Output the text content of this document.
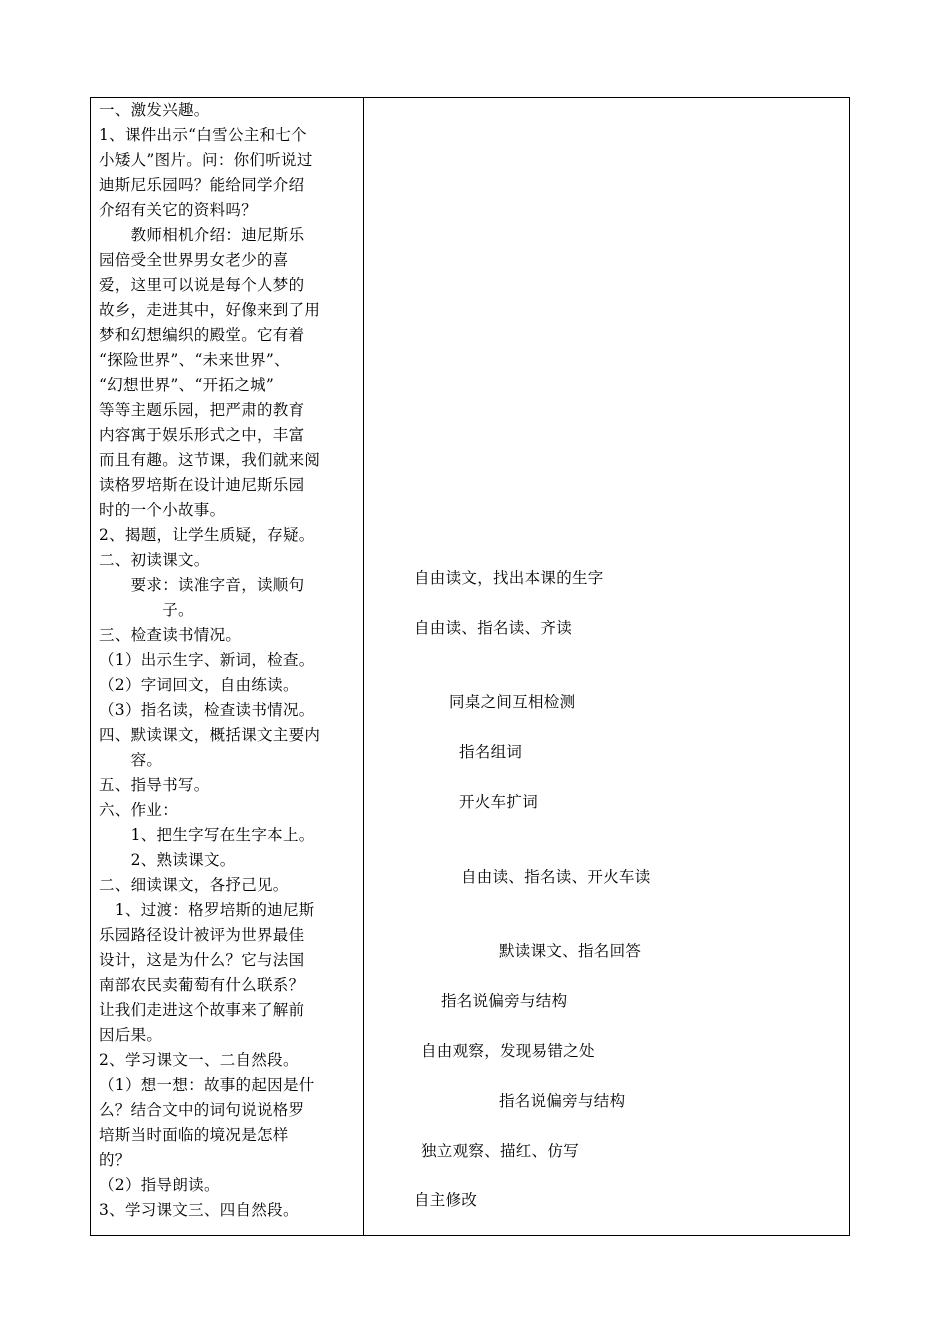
一、激发兴趣。
1、课件出示“白雪公主和七个
小矮人”图片。问：你们听说过
迪斯尼乐园吗？能给同学介绍
介绍有关它的资料吗？
　　教师相机介绍：迪尼斯乐
园倍受全世界男女老少的喜
爱，这里可以说是每个人梦的
故乡，走进其中，好像来到了用
梦和幻想编织的殿堂。它有着
“探险世界”、“未来世界”、
“幻想世界”、“开拓之城”
等等主题乐园，把严肃的教育
内容寓于娱乐形式之中，丰富
而且有趣。这节课，我们就来阅
读格罗培斯在设计迪尼斯乐园
时的一个小故事。
2、揭题，让学生质疑，存疑。
二、初读课文。
　　要求：读准字音，读顺句
　　　　子。
三、检查读书情况。
（1）出示生字、新词，检查。
（2）字词回文，自由练读。
（3）指名读，检查读书情况。
四、默读课文，概括课文主要内
　　容。
五、指导书写。
六、作业：
　　1、把生字写在生字本上。
　　2、熟读课文。
二、细读课文，各抒己见。
　1、过渡：格罗培斯的迪尼斯
乐园路径设计被评为世界最佳
设计，这是为什么？它与法国
南部农民卖葡萄有什么联系？
让我们走进这个故事来了解前
因后果。
2、学习课文一、二自然段。
（1）想一想：故事的起因是什
么？结合文中的词句说说格罗
培斯当时面临的境况是怎样
的？
（2）指导朗读。
3、学习课文三、四自然段。
自由读文，找出本课的生字
自由读、指名读、齐读
同桌之间互相检测
指名组词
开火车扩词
自由读、指名读、开火车读
默读课文、指名回答
指名说偏旁与结构
自由观察，发现易错之处
指名说偏旁与结构
独立观察、描红、仿写
自主修改
